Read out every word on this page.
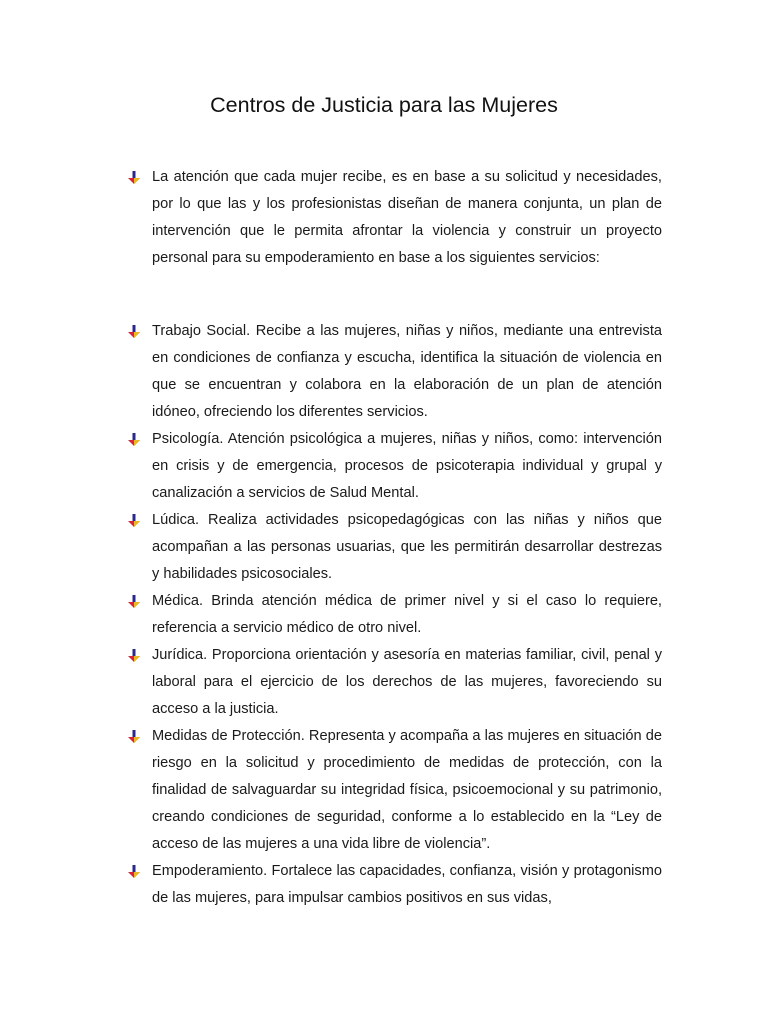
Centros de Justicia para las Mujeres
La atención que cada mujer recibe, es en base a su solicitud y necesidades, por lo que las y los profesionistas diseñan de manera conjunta, un plan de intervención que le permita afrontar la violencia y construir un proyecto personal para su empoderamiento en base a los siguientes servicios:
Trabajo Social. Recibe a las mujeres, niñas y niños, mediante una entrevista en condiciones de confianza y escucha, identifica la situación de violencia en que se encuentran y colabora en la elaboración de un plan de atención idóneo, ofreciendo los diferentes servicios.
Psicología. Atención psicológica a mujeres, niñas y niños, como: intervención en crisis y de emergencia, procesos de psicoterapia individual y grupal y canalización a servicios de Salud Mental.
Lúdica. Realiza actividades psicopedagógicas con las niñas y niños que acompañan a las personas usuarias, que les permitirán desarrollar destrezas y habilidades psicosociales.
Médica. Brinda atención médica de primer nivel y si el caso lo requiere, referencia a servicio médico de otro nivel.
Jurídica. Proporciona orientación y asesoría en materias familiar, civil, penal y laboral para el ejercicio de los derechos de las mujeres, favoreciendo su acceso a la justicia.
Medidas de Protección. Representa y acompaña a las mujeres en situación de riesgo en la solicitud y procedimiento de medidas de protección, con la finalidad de salvaguardar su integridad física, psicoemocional y su patrimonio, creando condiciones de seguridad, conforme a lo establecido en la “Ley de acceso de las mujeres a una vida libre de violencia”.
Empoderamiento. Fortalece las capacidades, confianza, visión y protagonismo de las mujeres, para impulsar cambios positivos en sus vidas,
